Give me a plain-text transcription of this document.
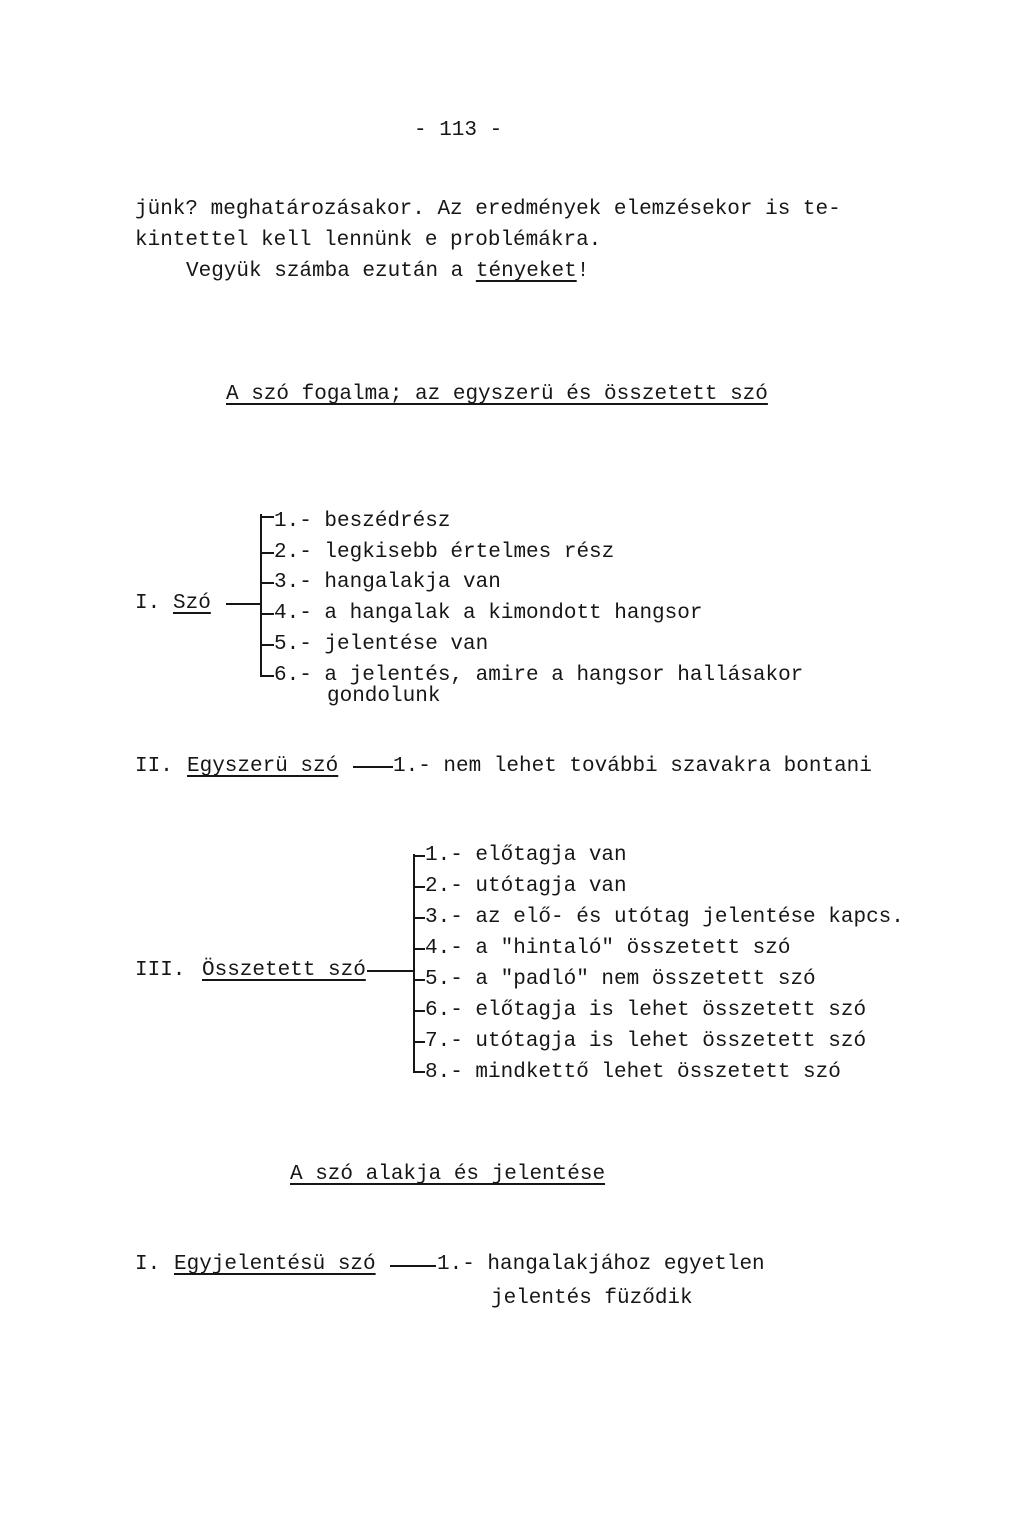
- 113 -
jünk? meghatározásakor. Az eredmények elemzésekor is te-
kintettel kell lennünk e problémákra.
Vegyük számba ezután a tényeket!
A szó fogalma; az egyszerü és összetett szó
I. Szó
1.- beszédrész
2.- legkisebb értelmes rész
3.- hangalakja van
4.- a hangalak a kimondott hangsor
5.- jelentése van
6.- a jelentés, amire a hangsor hallásakor
gondolunk
II. Egyszerü szó	1.- nem lehet további szavakra bontani
III. Összetett szó
1.- előtagja van
2.- utótagja van
3.- az elő- és utótag jelentése kapcs.
4.- a "hintaló" összetett szó
5.- a "padló" nem összetett szó
6.- előtagja is lehet összetett szó
7.- utótagja is lehet összetett szó
8.- mindkettő lehet összetett szó
A szó alakja és jelentése
I. Egyjelentésü szó	1.- hangalakjához egyetlen
jelentés füződik
